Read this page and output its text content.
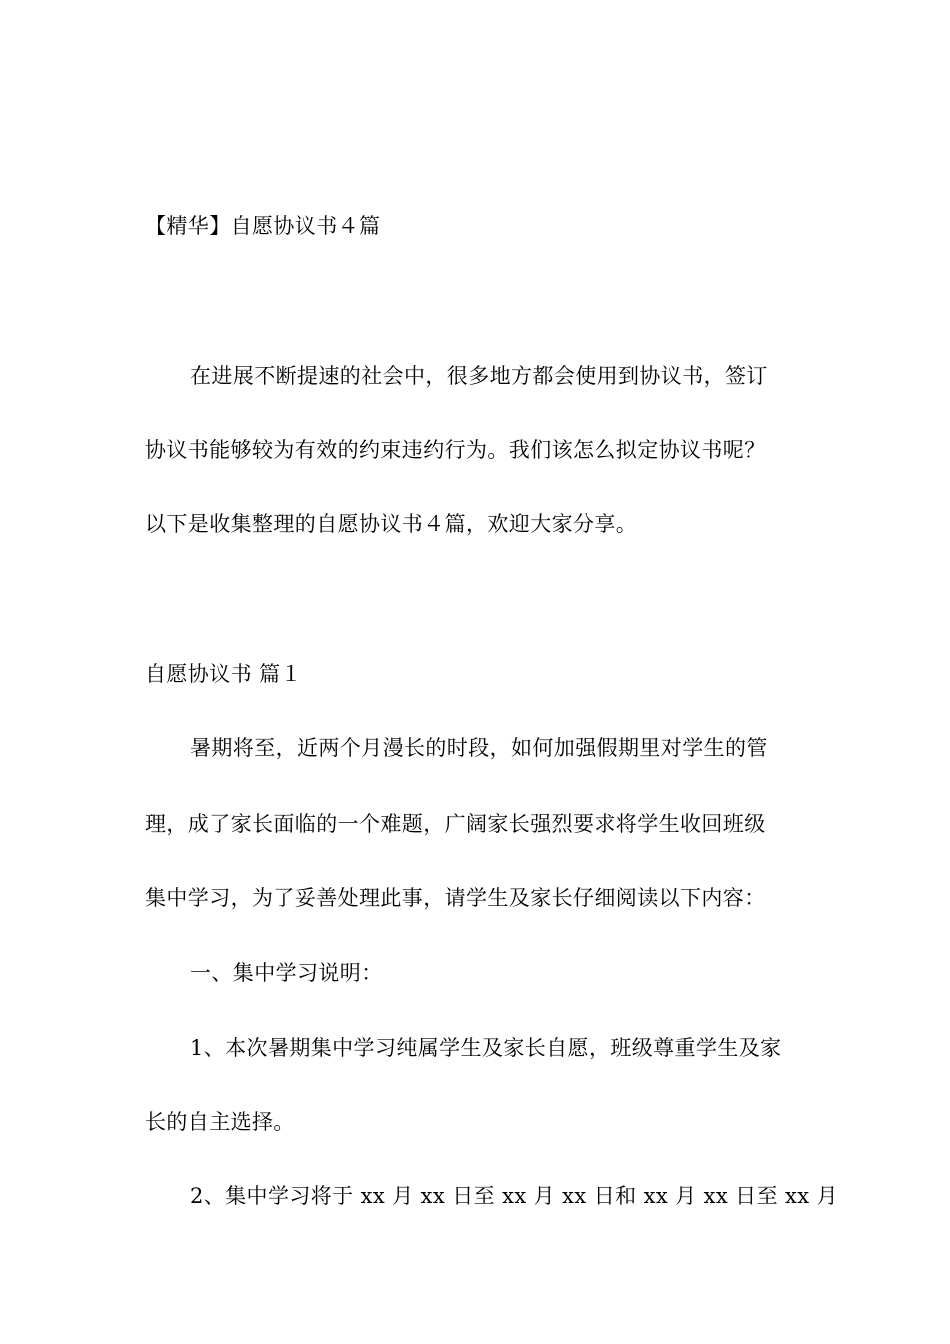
【精华】自愿协议书４篇
在进展不断提速的社会中，很多地方都会使用到协议书，签订
协议书能够较为有效的约束违约行为。我们该怎么拟定协议书呢？
以下是收集整理的自愿协议书４篇，欢迎大家分享。
自愿协议书 篇１
暑期将至，近两个月漫长的时段，如何加强假期里对学生的管
理，成了家长面临的一个难题，广阔家长强烈要求将学生收回班级
集中学习，为了妥善处理此事，请学生及家长仔细阅读以下内容：
一、集中学习说明：
1、本次暑期集中学习纯属学生及家长自愿，班级尊重学生及家
长的自主选择。
2、集中学习将于 xx 月 xx 日至 xx 月 xx 日和 xx 月 xx 日至 xx 月
